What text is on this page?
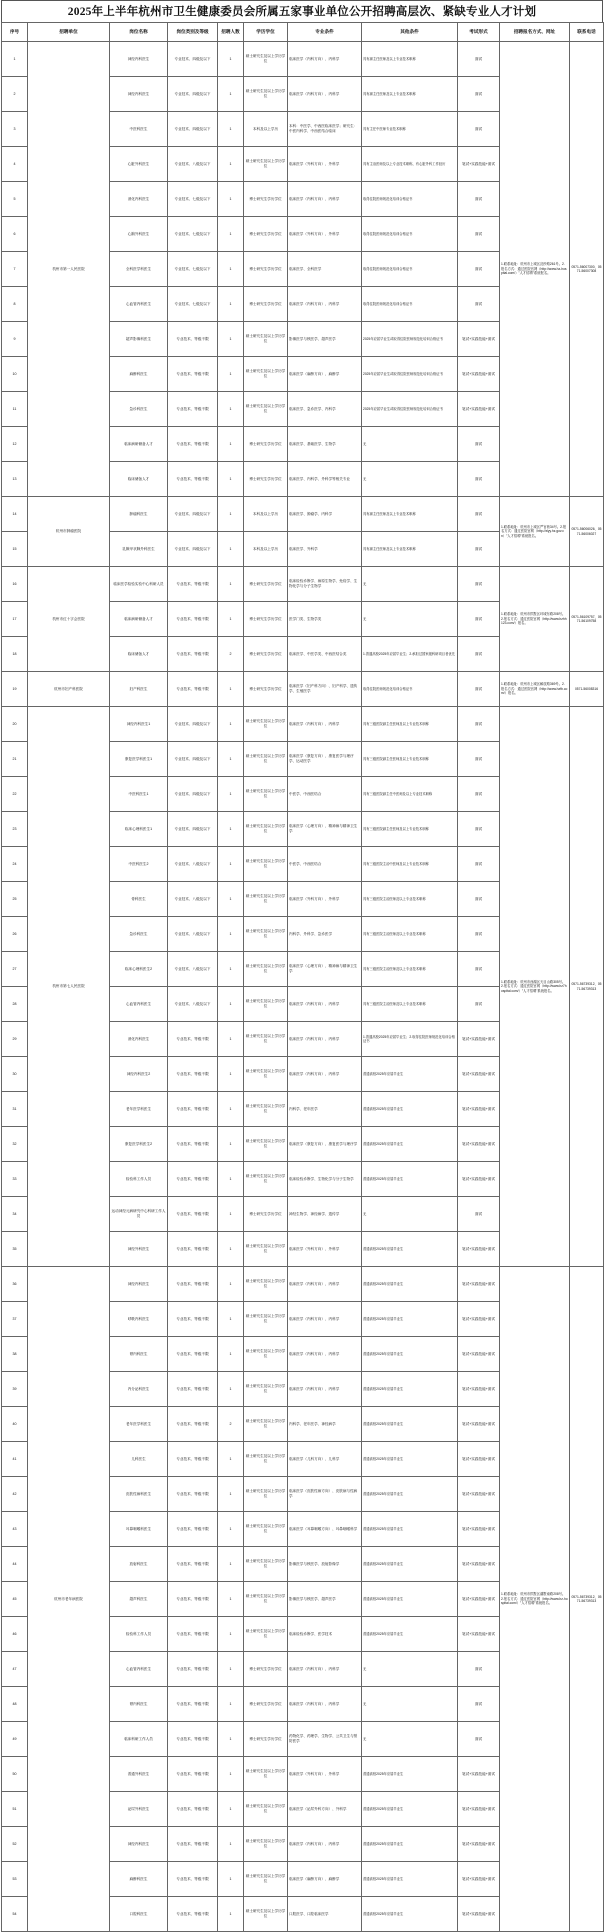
2025年上半年杭州市卫生健康委员会所属五家事业单位公开招聘高层次、紧缺专业人才计划
序号	招聘单位	岗位名称	岗位类别及等级	招聘人数	学历学位	专业条件	其他条件	考试形式	招聘报名方式、网址	联系电话
1	杭州市第一人民医院	神经内科医生	专业技术、四级及以下	1	硕士研究生及以上学历学位	临床医学（内科方向）、内科学	具有副主任医师及以上专业技术职称	面试	1.联系地址：杭州市上城区浣纱路261号。2.报名方式：通过医院官网（http://www.hz-hospital.com/）"人才招聘"系统报名。	0571-56007300、0571-56007308
2		神经内科医生	专业技术、四级及以下	1	硕士研究生及以上学历学位	临床医学（内科方向）、内科学	具有副主任医师及以上专业技术职称	面试		
3		中医科医生	专业技术、四级及以下	1	本科及以上学历	本科：中医学、中西医临床医学；研究生：中医内科学、中西医结合临床	具有主任中医师专业技术职称	面试		
4		心脏外科医生	专业技术、八级及以下	1	硕士研究生及以上学历学位	临床医学（外科方向）、外科学	具有主治医师及以上专业技术职称，有心脏外科工作经历	笔试+实践技能+面试		
5		消化内科医生	专业技术、七级及以下	1	博士研究生学历学位	临床医学（内科方向）、内科学	取得住院医师规范化培训合格证书	面试		
6		心胸外科医生	专业技术、七级及以下	1	博士研究生学历学位	临床医学（外科方向）、外科学	取得住院医师规范化培训合格证书	面试		
7		全科医学科医生	专业技术、七级及以下	1	博士研究生学历学位	临床医学、全科医学	取得住院医师规范化培训合格证书	面试		
8		心血管内科医生	专业技术、七级及以下	1	博士研究生学历学位	临床医学（内科方向）、内科学	取得住院医师规范化培训合格证书	面试		
9		超声影像科医生	专业技术、等级不限	1	硕士研究生及以上学历学位	影像医学与核医学、超声医学	2025年应届毕业生或取得住院医师规范化培训合格证书	笔试+实践技能+面试		
10		麻醉科医生	专业技术、等级不限	1	硕士研究生及以上学历学位	临床医学（麻醉方向）、麻醉学	2025年应届毕业生或取得住院医师规范化培训合格证书	笔试+实践技能+面试		
11		急诊科医生	专业技术、等级不限	1	硕士研究生及以上学历学位	临床医学、急诊医学、内科学	2025年应届毕业生或取得住院医师规范化培训合格证书	笔试+实践技能+面试		
12		临床病研储备人才	专业技术、等级不限	1	博士研究生学历学位	临床医学、基础医学、生物学	无	面试		
13		临床储备人才	专业技术、等级不限	1	博士研究生学历学位	临床医学、内科学、外科学等相关专业	无	面试		
14	杭州市肿瘤医院	肿瘤科医生	专业技术、四级及以下	1	本科及以上学历	临床医学、肿瘤学、内科学	具有副主任医师及以上专业技术职称	面试	1.联系地址：杭州市上城区严官巷34号。2.报名方式：通过医院官网（http://zlyy.hz.gov.cn）"人才招聘"系统报名。	0571-56006026、0571-56006027
15		乳腺甲状腺外科医生	专业技术、四级及以下	1	本科及以上学历	临床医学、外科学	具有副主任医师及以上专业技术职称	面试		
16	杭州市红十字会医院	临床医学检验实验中心科研人员	专业技术、等级不限	1	博士研究生学历学位	临床检验诊断学、病原生物学、免疫学、生物化学与分子生物学	无	面试	1.联系地址：杭州市拱墅区环城东路208号。2.报名方式：通过医院官网（http://www.hzhh123.com/）报名。	0571-56109757、0571-56109758
17		临床病研储备人才	专业技术、等级不限	1	博士研究生学历学位	医学门类、生物学类	无	面试		
18		临床储备人才	专业技术、等级不限	2	博士研究生学历学位	临床医学、中医学类、中西医结合类	1.普通高校2025年应届毕业生；2.承担过国家级科研项目者优先	面试		
19	杭州市妇产科医院	妇产科医生	专业技术、等级不限	1	博士研究生学历学位	临床医学（妇产科方向）、妇产科学、遗传学、生殖医学	取得住院医师规范化培训合格证书	面试	1.联系地址：杭州市上城区解放路369号。2.报名方式：通过医院官网（http://www.hzfb.com/）报名。	0571-56008316
20	杭州市第七人民医院	神经内科医生1	专业技术、四级及以下	1	硕士研究生及以上学历学位	临床医学（内科方向）、内科学	具有三级医院副主任医师及以上专业技术职称	面试	1.联系地址：杭州市西湖区天目山路305号。2.报名方式：通过医院官网（http://www.hz7hospital.com/）"人才招聘"系统报名。	0571-56739312、0571-56739313
21		康复医学科医生1	专业技术、四级及以下	1	硕士研究生及以上学历学位	临床医学（康复方向）、康复医学与理疗学、运动医学	具有三级医院副主任医师及以上专业技术职称	面试		
22		中医科医生1	专业技术、四级及以下	1	硕士研究生及以上学历学位	中医学、中西医结合	具有三级医院副主任中医师及以上专业技术职称	面试		
23		临床心理科医生1	专业技术、四级及以下	1	硕士研究生及以上学历学位	临床医学（心理方向）、精神病与精神卫生学	具有三级医院副主任医师及以上专业技术职称	面试		
24		中医科医生2	专业技术、八级及以下	1	硕士研究生及以上学历学位	中医学、中西医结合	具有三级医院主治中医师及以上专业技术职称	面试		
25		骨科医生	专业技术、八级及以下	1	硕士研究生及以上学历学位	临床医学（外科方向）、外科学	具有三级医院主治医师及以上专业技术职称	面试		
26		急诊科医生	专业技术、八级及以下	1	硕士研究生及以上学历学位	内科学、外科学、急诊医学	具有三级医院主治医师及以上专业技术职称	面试		
27		临床心理科医生2	专业技术、八级及以下	1	硕士研究生及以上学历学位	临床医学（心理方向）、精神病与精神卫生学	具有三级医院主治医师及以上专业技术职称	面试		
28		心血管内科医生	专业技术、八级及以下	1	硕士研究生及以上学历学位	临床医学（内科方向）、内科学	具有三级医院主治医师及以上专业技术职称	面试		
29		消化内科医生	专业技术、等级不限	1	硕士研究生及以上学历学位	临床医学（内科方向）、内科学	1.普通高校2025年应届毕业生；2.取得住院医师规范化培训合格证书	笔试+实践技能+面试		
30		神经内科医生2	专业技术、等级不限	1	硕士研究生及以上学历学位	临床医学（内科方向）、内科学	普通高校2025年应届毕业生	笔试+实践技能+面试		
31		老年医学科医生	专业技术、等级不限	1	硕士研究生及以上学历学位	内科学、老年医学	普通高校2025年应届毕业生	笔试+实践技能+面试		
32		康复医学科医生2	专业技术、等级不限	1	硕士研究生及以上学历学位	临床医学（康复方向）、康复医学与理疗学	普通高校2025年应届毕业生	笔试+实践技能+面试		
33		检验科工作人员	专业技术、等级不限	1	硕士研究生及以上学历学位	临床检验诊断学、生物化学与分子生物学	普通高校2025年应届毕业生	笔试+实践技能+面试		
34		运动神经元病研究中心科研工作人员	专业技术、等级不限	1	博士研究生学历学位	神经生物学、神经病学、遗传学	无	面试		
35		神经外科医生	专业技术、等级不限	1	硕士研究生及以上学历学位	临床医学（外科方向）、外科学	普通高校2025年应届毕业生	笔试+实践技能+面试		
36	杭州市老年病医院	神经内科医生	专业技术、等级不限	1	硕士研究生及以上学历学位	临床医学（内科方向）、内科学	普通高校2025年应届毕业生	笔试+实践技能+面试	1.联系地址：杭州市拱墅区湖墅南路208号。2.报名方式：通过医院官网（http://www.hz-hospital.com/）"人才招聘"系统报名。	0571-56739312、0571-56739313
37		呼吸内科医生	专业技术、等级不限	1	硕士研究生及以上学历学位	临床医学（内科方向）、内科学	普通高校2025年应届毕业生	笔试+实践技能+面试		
38		肾内科医生	专业技术、等级不限	1	硕士研究生及以上学历学位	临床医学（内科方向）、内科学	普通高校2025年应届毕业生	笔试+实践技能+面试		
39		内分泌科医生	专业技术、等级不限	1	硕士研究生及以上学历学位	临床医学（内科方向）、内科学	普通高校2025年应届毕业生	笔试+实践技能+面试		
40		老年医学科医生	专业技术、等级不限	2	硕士研究生及以上学历学位	内科学、老年医学、神经病学	普通高校2025年应届毕业生	笔试+实践技能+面试		
41		儿科医生	专业技术、等级不限	1	硕士研究生及以上学历学位	临床医学（儿科方向）、儿科学	普通高校2025年应届毕业生	笔试+实践技能+面试		
42		皮肤性病科医生	专业技术、等级不限	1	硕士研究生及以上学历学位	临床医学（皮肤性病方向）、皮肤病与性病学	普通高校2025年应届毕业生	笔试+实践技能+面试		
43		耳鼻咽喉科医生	专业技术、等级不限	1	硕士研究生及以上学历学位	临床医学（耳鼻咽喉方向）、耳鼻咽喉科学	普通高校2025年应届毕业生	笔试+实践技能+面试		
44		放射科医生	专业技术、等级不限	1	硕士研究生及以上学历学位	影像医学与核医学、放射影像学	普通高校2025年应届毕业生	笔试+实践技能+面试		
45		超声科医生	专业技术、等级不限	1	硕士研究生及以上学历学位	影像医学与核医学、超声医学	普通高校2025年应届毕业生	笔试+实践技能+面试		
46		检验科工作人员	专业技术、等级不限	1	硕士研究生及以上学历学位	临床检验诊断学、医学技术	普通高校2025年应届毕业生	笔试+实践技能+面试		
47		心血管内科医生	专业技术、等级不限	1	博士研究生学历学位	临床医学（内科方向）、内科学	无	面试		
48		肾内科医生	专业技术、等级不限	1	博士研究生学历学位	临床医学（内科方向）、内科学	无	面试		
49		临床科研工作人员	专业技术、等级不限	1	博士研究生学历学位	药物化学、药理学、生物学、公共卫生与预防医学	无	面试		
50		普通外科医生	专业技术、等级不限	1	硕士研究生及以上学历学位	临床医学（外科方向）、外科学	普通高校2025年应届毕业生	笔试+实践技能+面试		
51		泌尿外科医生	专业技术、等级不限	1	硕士研究生及以上学历学位	临床医学（泌尿外科方向）、外科学	普通高校2025年应届毕业生	笔试+实践技能+面试		
52		神经内科医生	专业技术、等级不限	1	硕士研究生及以上学历学位	临床医学（内科方向）、内科学	普通高校2025年应届毕业生	笔试+实践技能+面试		
53		麻醉科医生	专业技术、等级不限	1	硕士研究生及以上学历学位	临床医学（麻醉方向）、麻醉学	普通高校2025年应届毕业生	笔试+实践技能+面试		
54		口腔科医生	专业技术、等级不限	1	硕士研究生及以上学历学位	口腔医学、口腔临床医学	普通高校2025年应届毕业生	笔试+实践技能+面试		
